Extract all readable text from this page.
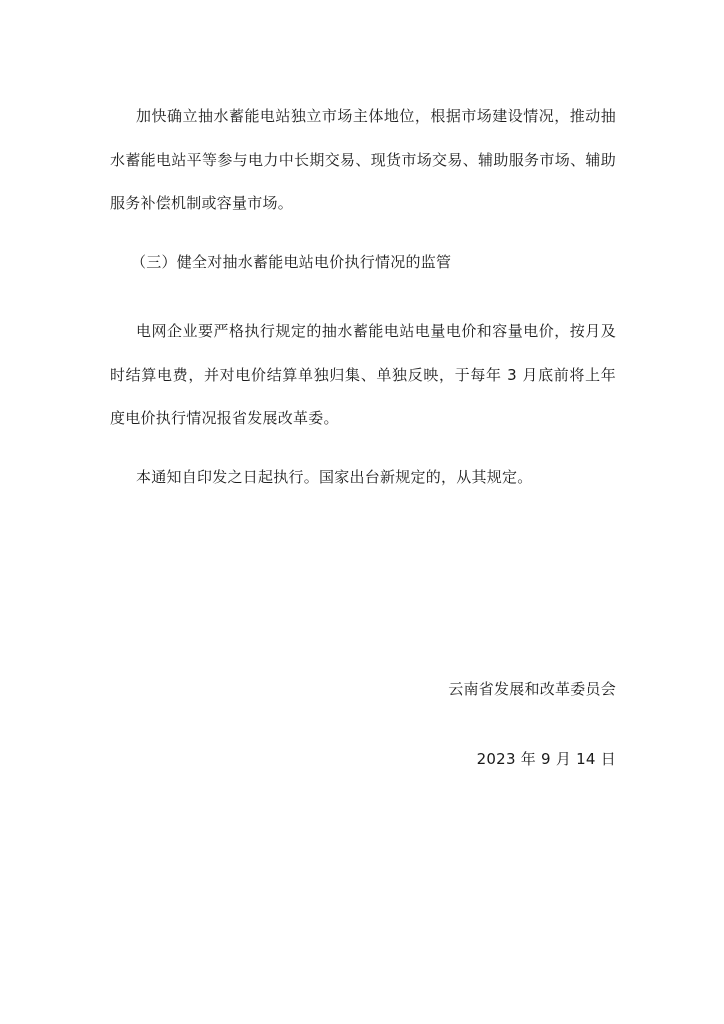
加快确立抽水蓄能电站独立市场主体地位，根据市场建设情况，推动抽水蓄能电站平等参与电力中长期交易、现货市场交易、辅助服务市场、辅助服务补偿机制或容量市场。

（三）健全对抽水蓄能电站电价执行情况的监管

电网企业要严格执行规定的抽水蓄能电站电量电价和容量电价，按月及时结算电费，并对电价结算单独归集、单独反映，于每年 3 月底前将上年度电价执行情况报省发展改革委。

本通知自印发之日起执行。国家出台新规定的，从其规定。

云南省发展和改革委员会

2023 年 9 月 14 日
